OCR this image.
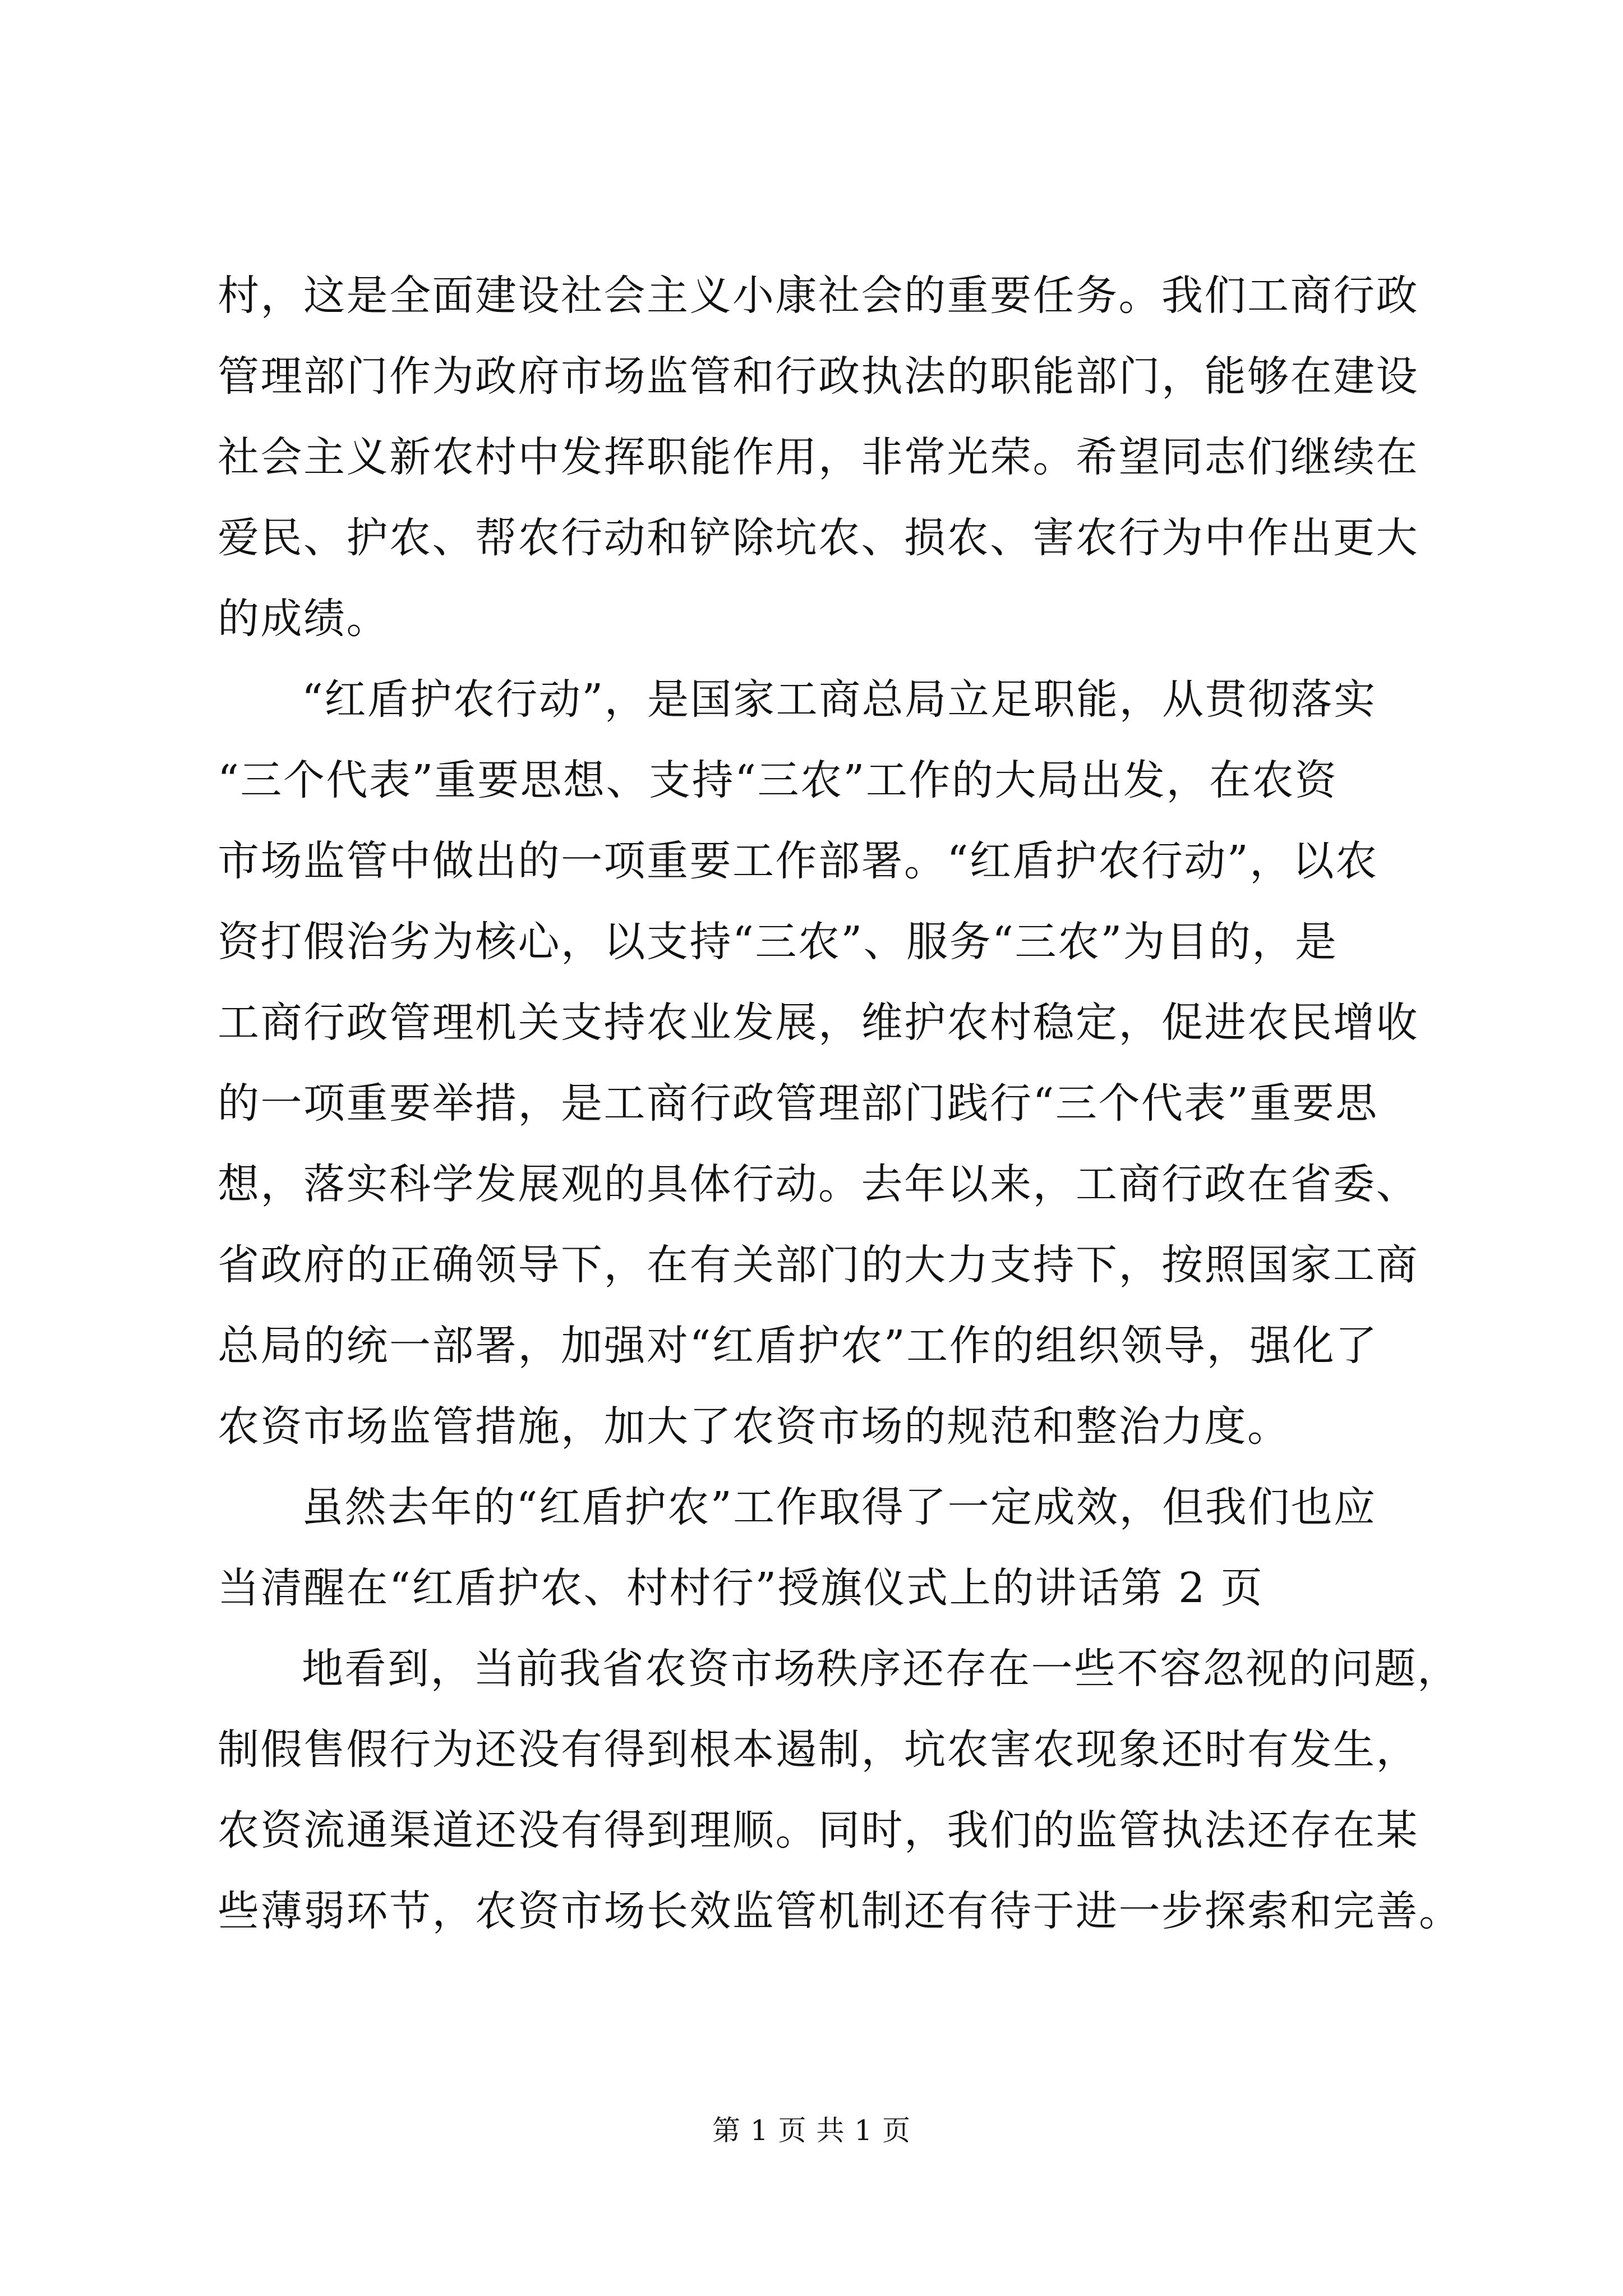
村，这是全面建设社会主义小康社会的重要任务。我们工商行政
管理部门作为政府市场监管和行政执法的职能部门，能够在建设
社会主义新农村中发挥职能作用，非常光荣。希望同志们继续在
爱民、护农、帮农行动和铲除坑农、损农、害农行为中作出更大
的成绩。
“红盾护农行动”，是国家工商总局立足职能，从贯彻落实
“三个代表”重要思想、支持“三农”工作的大局出发，在农资
市场监管中做出的一项重要工作部署。“红盾护农行动”，以农
资打假治劣为核心，以支持“三农”、服务“三农”为目的，是
工商行政管理机关支持农业发展，维护农村稳定，促进农民增收
的一项重要举措，是工商行政管理部门践行“三个代表”重要思
想，落实科学发展观的具体行动。去年以来，工商行政在省委、
省政府的正确领导下，在有关部门的大力支持下，按照国家工商
总局的统一部署，加强对“红盾护农”工作的组织领导，强化了
农资市场监管措施，加大了农资市场的规范和整治力度。
虽然去年的“红盾护农”工作取得了一定成效，但我们也应
当清醒在“红盾护农、村村行”授旗仪式上的讲话第 2 页
地看到，当前我省农资市场秩序还存在一些不容忽视的问题，
制假售假行为还没有得到根本遏制，坑农害农现象还时有发生，
农资流通渠道还没有得到理顺。同时，我们的监管执法还存在某
些薄弱环节，农资市场长效监管机制还有待于进一步探索和完善。
第 1 页 共 1 页
